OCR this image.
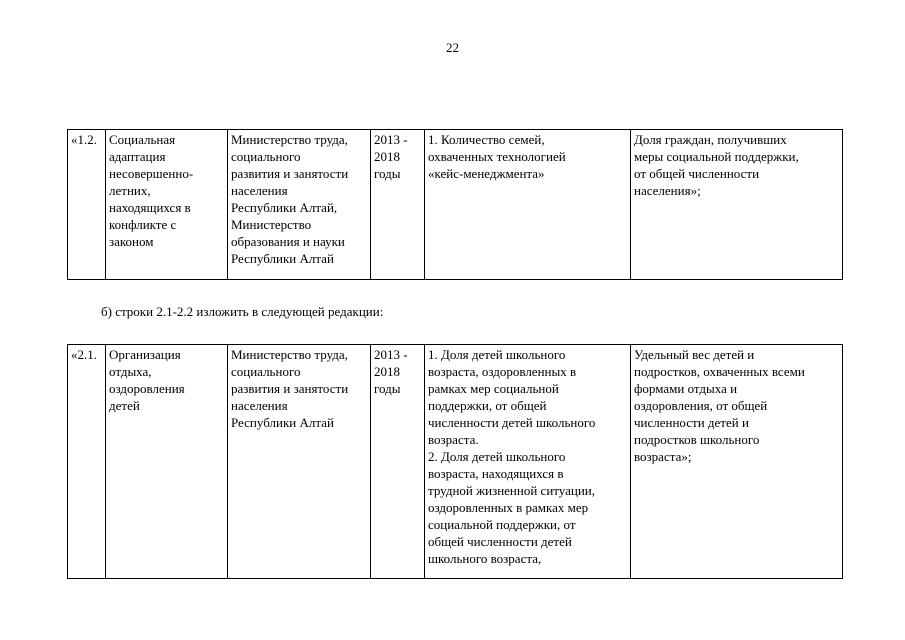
22
«1.2.	Социальная
адаптация
несовершенно-
летних,
находящихся в
конфликте с
законом

Министерство труда,
социального
развития и занятости
населения
Республики Алтай,
Министерство
образования и науки
Республики Алтай

2013 -
2018
годы

1. Количество семей,
охваченных технологией
«кейс-менеджмента»

Доля граждан, получивших
меры социальной поддержки,
от общей численности
населения»;
б) строки 2.1-2.2 изложить в следующей редакции:
«2.1.	Организация
отдыха,
оздоровления
детей

Министерство труда,
социального
развития и занятости
населения
Республики Алтай

2013 -
2018
годы

1. Доля детей школьного
возраста, оздоровленных в
рамках мер социальной
поддержки, от общей
численности детей школьного
возраста.
2. Доля детей школьного
возраста, находящихся в
трудной жизненной ситуации,
оздоровленных в рамках мер
социальной поддержки, от
общей численности детей
школьного возраста,

Удельный вес детей и
подростков, охваченных всеми
формами отдыха и
оздоровления, от общей
численности детей и
подростков школьного
возраста»;
